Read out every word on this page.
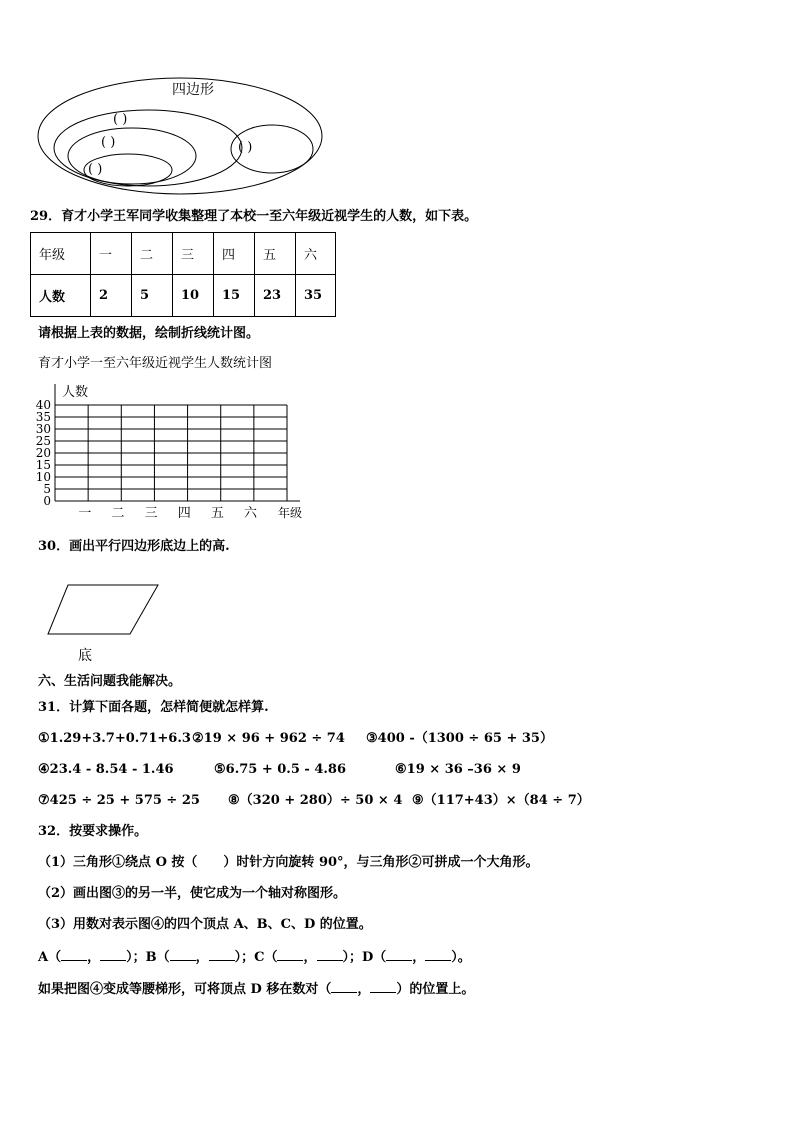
四边形
( )
( )
( )
( )
29．育才小学王军同学收集整理了本校一至六年级近视学生的人数，如下表。
年级	一	二	三	四	五	六
人数	2	5	10	15	23	35
请根据上表的数据，绘制折线统计图。
育才小学一至六年级近视学生人数统计图
0
5
10
15
20
25
30
35
40
人数
一 二 三 四 五 六 年级
30．画出平行四边形底边上的高.
底
六、生活问题我能解决。
31．计算下面各题，怎样简便就怎样算.
①1.29+3.7+0.71+6.3 ②19 × 96 + 962 ÷ 74 ③400 -（1300 ÷ 65 + 35）
④23.4 - 8.54 - 1.46	⑤6.75 + 0.5 - 4.86	⑥19 × 36 –36 × 9
⑦425 ÷ 25 + 575 ÷ 25 ⑧（320 + 280）÷ 50 × 4 ⑨（117+43）×（84 ÷ 7）
32．按要求操作。
（1）三角形①绕点 O 按（　　）时针方向旋转 90°，与三角形②可拼成一个大角形。
（2）画出图③的另一半，使它成为一个轴对称图形。
（3）用数对表示图④的四个顶点 A、B、C、D 的位置。
A（ ， ）；B（ ， ）；C（ ， ）；D（ ， ）。
如果把图④变成等腰梯形，可将顶点 D 移在数对（ ， ）的位置上。
